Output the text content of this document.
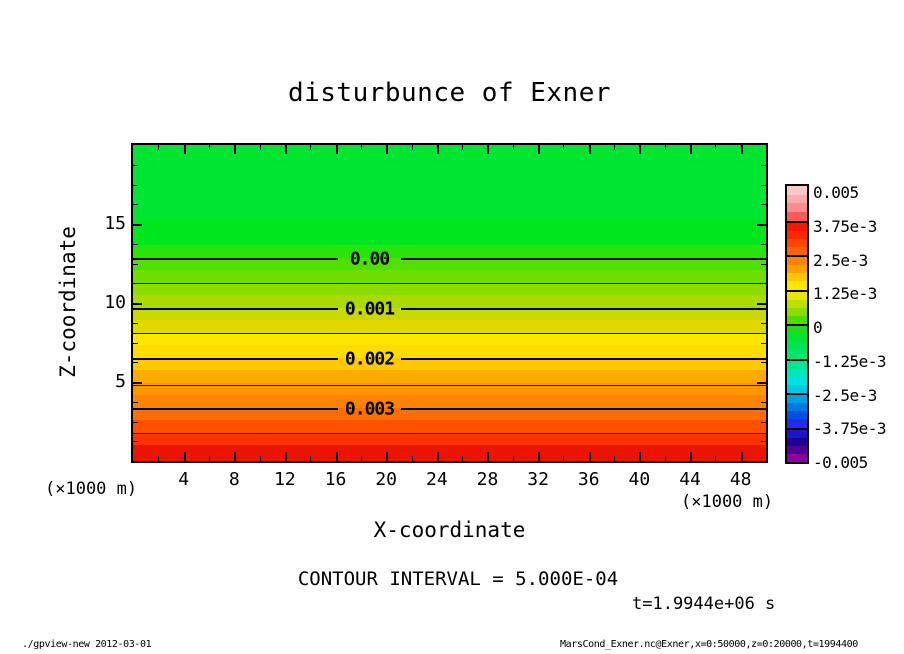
disturbunce of Exner
Z-coordinate
5
10
15
0.00
0.001
0.002
0.003
4 8 12 16 20 24 28 32 36 40 44 48
(×1000 m)
(×1000 m)
X-coordinate
CONTOUR INTERVAL = 5.000E-04
t=1.9944e+06 s
./gpview-new 2012-03-01	MarsCond_Exner.nc@Exner,x=0:50000,z=0:20000,t=1994400
0.005
3.75e-3
2.5e-3
1.25e-3
0
-1.25e-3
-2.5e-3
-3.75e-3
-0.005
